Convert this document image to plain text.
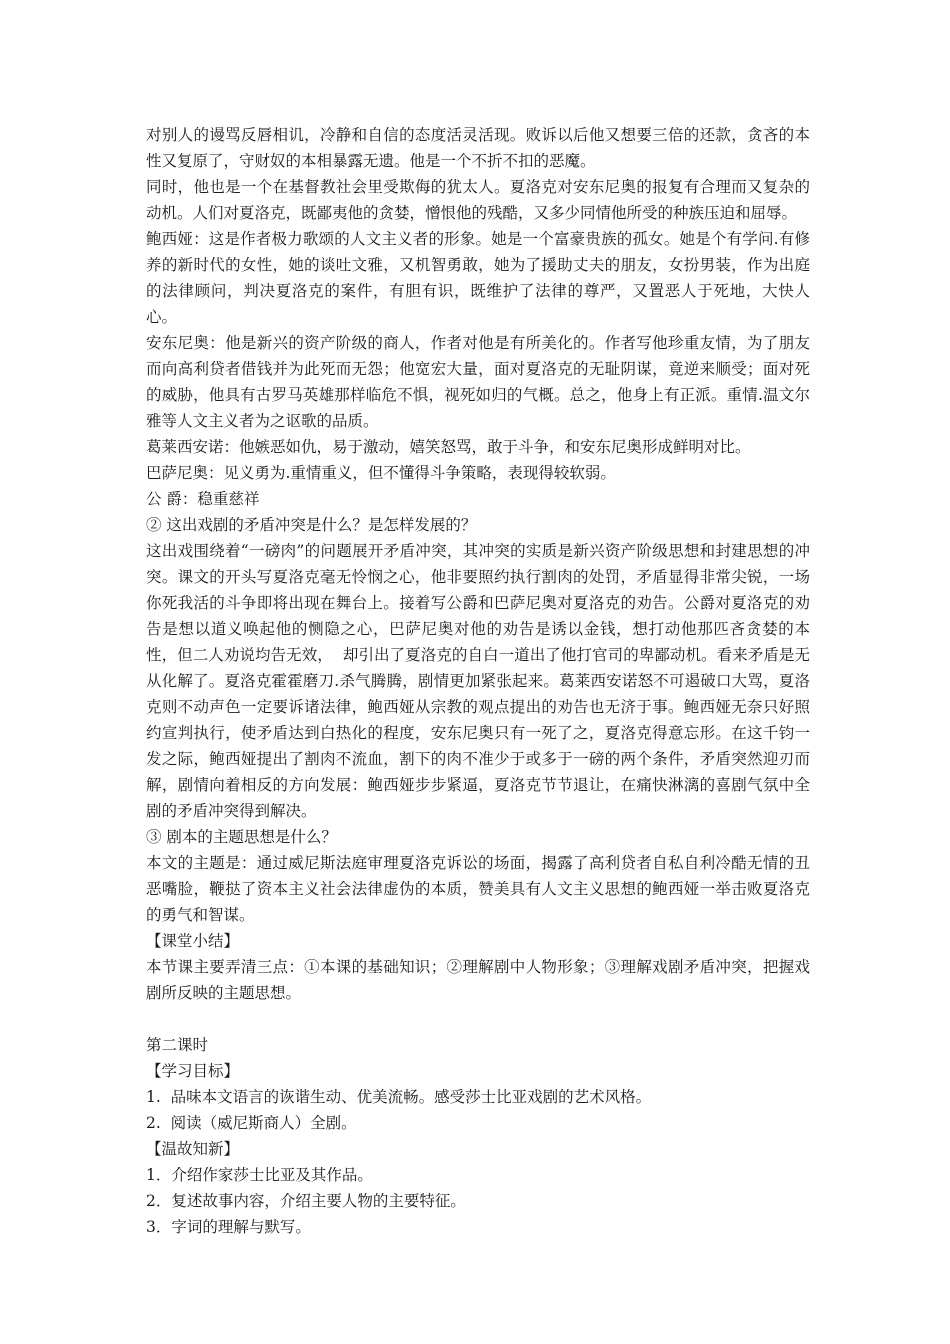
对别人的谩骂反唇相讥，冷静和自信的态度活灵活现。败诉以后他又想要三倍的还款，贪吝的本性又复原了，守财奴的本相暴露无遗。他是一个不折不扣的恶魔。

同时，他也是一个在基督教社会里受欺侮的犹太人。夏洛克对安东尼奥的报复有合理而又复杂的动机。人们对夏洛克，既鄙夷他的贪婪，憎恨他的残酷，又多少同情他所受的种族压迫和屈辱。

鲍西娅：这是作者极力歌颂的人文主义者的形象。她是一个富豪贵族的孤女。她是个有学问.有修养的新时代的女性，她的谈吐文雅，又机智勇敢，她为了援助丈夫的朋友，女扮男装，作为出庭的法律顾问，判决夏洛克的案件，有胆有识，既维护了法律的尊严，又置恶人于死地，大快人心。

安东尼奥：他是新兴的资产阶级的商人，作者对他是有所美化的。作者写他珍重友情，为了朋友而向高利贷者借钱并为此死而无怨；他宽宏大量，面对夏洛克的无耻阴谋，竟逆来顺受；面对死的威胁，他具有古罗马英雄那样临危不惧，视死如归的气概。总之，他身上有正派。重情.温文尔雅等人文主义者为之讴歌的品质。

葛莱西安诺：他嫉恶如仇，易于激动，嬉笑怒骂，敢于斗争，和安东尼奥形成鲜明对比。

巴萨尼奥：见义勇为.重情重义，但不懂得斗争策略，表现得较软弱。

公 爵：稳重慈祥

② 这出戏剧的矛盾冲突是什么？是怎样发展的？

这出戏围绕着“一磅肉”的问题展开矛盾冲突，其冲突的实质是新兴资产阶级思想和封建思想的冲突。课文的开头写夏洛克毫无怜悯之心，他非要照约执行割肉的处罚，矛盾显得非常尖锐，一场你死我活的斗争即将出现在舞台上。接着写公爵和巴萨尼奥对夏洛克的劝告。公爵对夏洛克的劝告是想以道义唤起他的恻隐之心，巴萨尼奥对他的劝告是诱以金钱，想打动他那匹吝贪婪的本性，但二人劝说均告无效，  却引出了夏洛克的自白一道出了他打官司的卑鄙动机。看来矛盾是无从化解了。夏洛克霍霍磨刀.杀气腾腾，剧情更加紧张起来。葛莱西安诺怒不可遏破口大骂，夏洛克则不动声色一定要诉诸法律，鲍西娅从宗教的观点提出的劝告也无济于事。鲍西娅无奈只好照约宣判执行，使矛盾达到白热化的程度，安东尼奥只有一死了之，夏洛克得意忘形。在这千钧一发之际，鲍西娅提出了割肉不流血，割下的肉不准少于或多于一磅的两个条件，矛盾突然迎刃而解，剧情向着相反的方向发展：鲍西娅步步紧逼，夏洛克节节退让，在痛快淋漓的喜剧气氛中全剧的矛盾冲突得到解决。

③ 剧本的主题思想是什么？

本文的主题是：通过威尼斯法庭审理夏洛克诉讼的场面，揭露了高利贷者自私自利冷酷无情的丑恶嘴脸，鞭挞了资本主义社会法律虚伪的本质，赞美具有人文主义思想的鲍西娅一举击败夏洛克的勇气和智谋。

【课堂小结】

本节课主要弄清三点：①本课的基础知识；②理解剧中人物形象；③理解戏剧矛盾冲突，把握戏剧所反映的主题思想。

第二课时

【学习目标】

1.  品味本文语言的诙谐生动、优美流畅。感受莎士比亚戏剧的艺术风格。

2.  阅读（威尼斯商人）全剧。

【温故知新】

1．介绍作家莎士比亚及其作品。

2．复述故事内容，介绍主要人物的主要特征。

3．字词的理解与默写。
